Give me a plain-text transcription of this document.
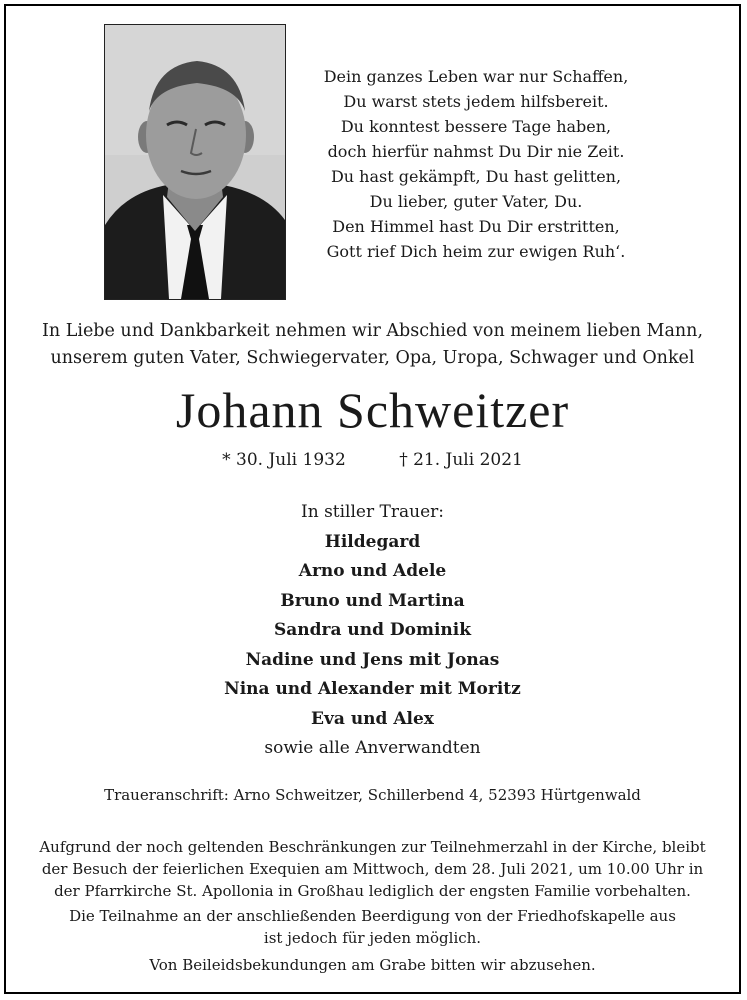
Dein ganzes Leben war nur Schaffen,
Du warst stets jedem hilfsbereit.
Du konntest bessere Tage haben,
doch hierfür nahmst Du Dir nie Zeit.
Du hast gekämpft, Du hast gelitten,
Du lieber, guter Vater, Du.
Den Himmel hast Du Dir erstritten,
Gott rief Dich heim zur ewigen Ruh‘.
In Liebe und Dankbarkeit nehmen wir Abschied von meinem lieben Mann,
unserem guten Vater, Schwiegervater, Opa, Uropa, Schwager und Onkel
Johann Schweitzer
* 30. Juli 1932	† 21. Juli 2021
In stiller Trauer:
Hildegard
Arno und Adele
Bruno und Martina
Sandra und Dominik
Nadine und Jens mit Jonas
Nina und Alexander mit Moritz
Eva und Alex
sowie alle Anverwandten
Traueranschrift: Arno Schweitzer, Schillerbend 4, 52393 Hürtgenwald
Aufgrund der noch geltenden Beschränkungen zur Teilnehmerzahl in der Kirche, bleibt
der Besuch der feierlichen Exequien am Mittwoch, dem 28. Juli 2021, um 10.00 Uhr in
der Pfarrkirche St. Apollonia in Großhau lediglich der engsten Familie vorbehalten.
Die Teilnahme an der anschließenden Beerdigung von der Friedhofskapelle aus
ist jedoch für jeden möglich.
Von Beileidsbekundungen am Grabe bitten wir abzusehen.
